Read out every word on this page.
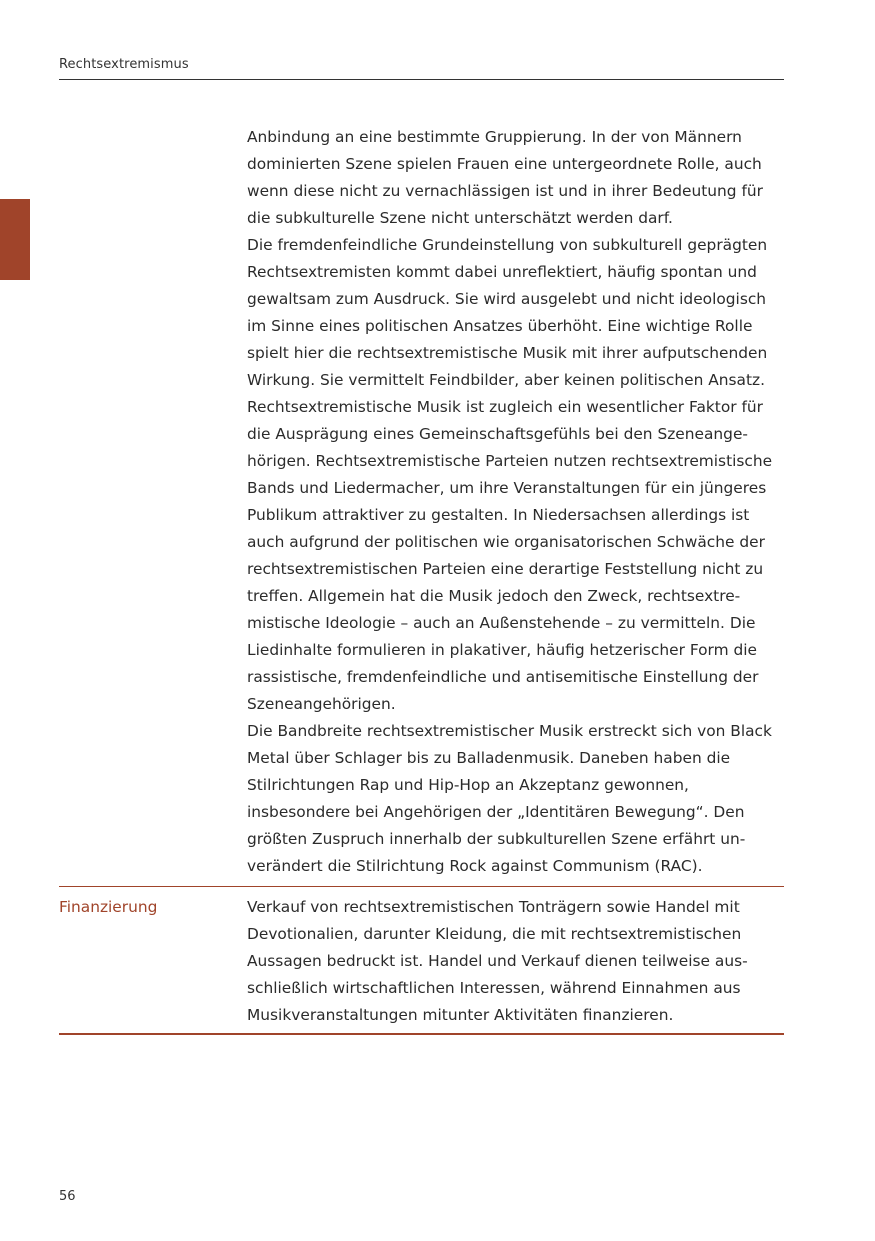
Rechtsextremismus

Anbindung an eine bestimmte Gruppierung. In der von Männern dominierten Szene spielen Frauen eine untergeordnete Rolle, auch wenn diese nicht zu vernachlässigen ist und in ihrer Bedeutung für die subkulturelle Szene nicht unterschätzt werden darf.

Die fremdenfeindliche Grundeinstellung von subkulturell geprägten Rechtsextremisten kommt dabei unreflektiert, häufig spontan und gewaltsam zum Ausdruck. Sie wird ausgelebt und nicht ideologisch im Sinne eines politischen Ansatzes überhöht. Eine wichtige Rolle spielt hier die rechtsextremistische Musik mit ihrer aufputschenden Wirkung. Sie vermittelt Feindbilder, aber keinen politischen Ansatz. Rechtsextremistische Musik ist zugleich ein wesentlicher Faktor für die Ausprägung eines Gemeinschaftsgefühls bei den Szeneangehörigen. Rechtsextremistische Parteien nutzen rechtsextremistische Bands und Liedermacher, um ihre Veranstaltungen für ein jüngeres Publikum attraktiver zu gestalten. In Niedersachsen allerdings ist auch aufgrund der politischen wie organisatorischen Schwäche der rechtsextremistischen Parteien eine derartige Feststellung nicht zu treffen. Allgemein hat die Musik jedoch den Zweck, rechtsextremistische Ideologie – auch an Außenstehende – zu vermitteln. Die Liedinhalte formulieren in plakativer, häufig hetzerischer Form die rassistische, fremdenfeindliche und antisemitische Einstellung der Szeneangehörigen.

Die Bandbreite rechtsextremistischer Musik erstreckt sich von Black Metal über Schlager bis zu Balladenmusik. Daneben haben die Stilrichtungen Rap und Hip-Hop an Akzeptanz gewonnen, insbesondere bei Angehörigen der „Identitären Bewegung“. Den größten Zuspruch innerhalb der subkulturellen Szene erfährt unverändert die Stilrichtung Rock against Communism (RAC).

Finanzierung	Verkauf von rechtsextremistischen Tonträgern sowie Handel mit Devotionalien, darunter Kleidung, die mit rechtsextremistischen Aussagen bedruckt ist. Handel und Verkauf dienen teilweise ausschließlich wirtschaftlichen Interessen, während Einnahmen aus Musikveranstaltungen mitunter Aktivitäten finanzieren.

56
